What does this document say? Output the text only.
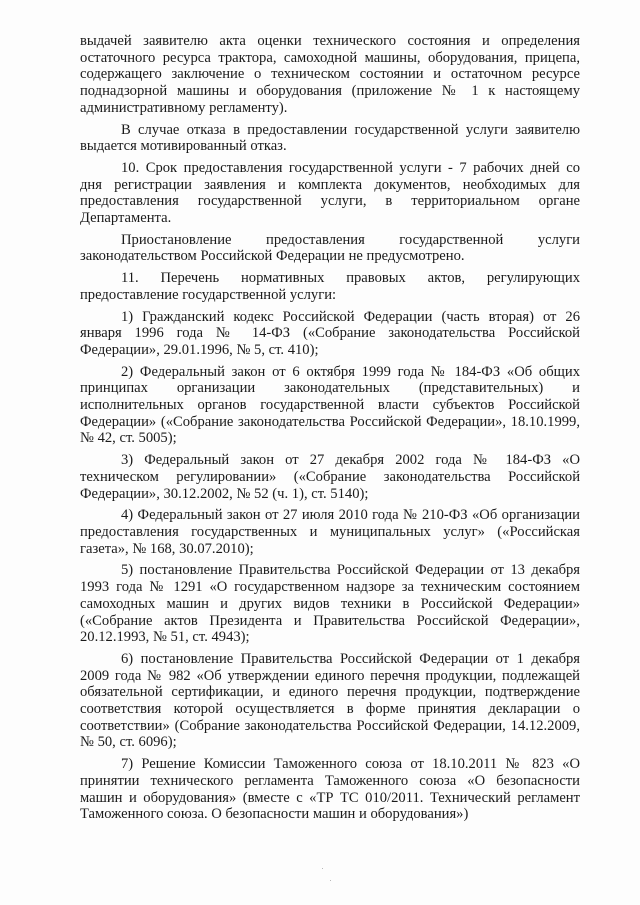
выдачей заявителю акта оценки технического состояния и определения остаточного ресурса трактора, самоходной машины, оборудования, прицепа, содержащего заключение о техническом состоянии и остаточном ресурсе поднадзорной машины и оборудования (приложение № 1 к настоящему административному регламенту).

В случае отказа в предоставлении государственной услуги заявителю выдается мотивированный отказ.

10. Срок предоставления государственной услуги - 7 рабочих дней со дня регистрации заявления и комплекта документов, необходимых для предоставления государственной услуги, в территориальном органе Департамента.

Приостановление предоставления государственной услуги законодательством Российской Федерации не предусмотрено.

11. Перечень нормативных правовых актов, регулирующих предоставление государственной услуги:

1) Гражданский кодекс Российской Федерации (часть вторая) от 26 января 1996 года № 14-ФЗ («Собрание законодательства Российской Федерации», 29.01.1996, № 5, ст. 410);

2) Федеральный закон от 6 октября 1999 года № 184-ФЗ «Об общих принципах организации законодательных (представительных) и исполнительных органов государственной власти субъектов Российской Федерации» («Собрание законодательства Российской Федерации», 18.10.1999, № 42, ст. 5005);

3) Федеральный закон от 27 декабря 2002 года № 184-ФЗ «О техническом регулировании» («Собрание законодательства Российской Федерации», 30.12.2002, № 52 (ч. 1), ст. 5140);

4) Федеральный закон от 27 июля 2010 года № 210-ФЗ «Об организации предоставления государственных и муниципальных услуг» («Российская газета», № 168, 30.07.2010);

5) постановление Правительства Российской Федерации от 13 декабря 1993 года № 1291 «О государственном надзоре за техническим состоянием самоходных машин и других видов техники в Российской Федерации» («Собрание актов Президента и Правительства Российской Федерации», 20.12.1993, № 51, ст. 4943);

6) постановление Правительства Российской Федерации от 1 декабря 2009 года № 982 «Об утверждении единого перечня продукции, подлежащей обязательной сертификации, и единого перечня продукции, подтверждение соответствия которой осуществляется в форме принятия декларации о соответствии» (Собрание законодательства Российской Федерации, 14.12.2009, № 50, ст. 6096);

7) Решение Комиссии Таможенного союза от 18.10.2011 № 823 «О принятии технического регламента Таможенного союза «О безопасности машин и оборудования» (вместе с «ТР ТС 010/2011. Технический регламент Таможенного союза. О безопасности машин и оборудования»)
